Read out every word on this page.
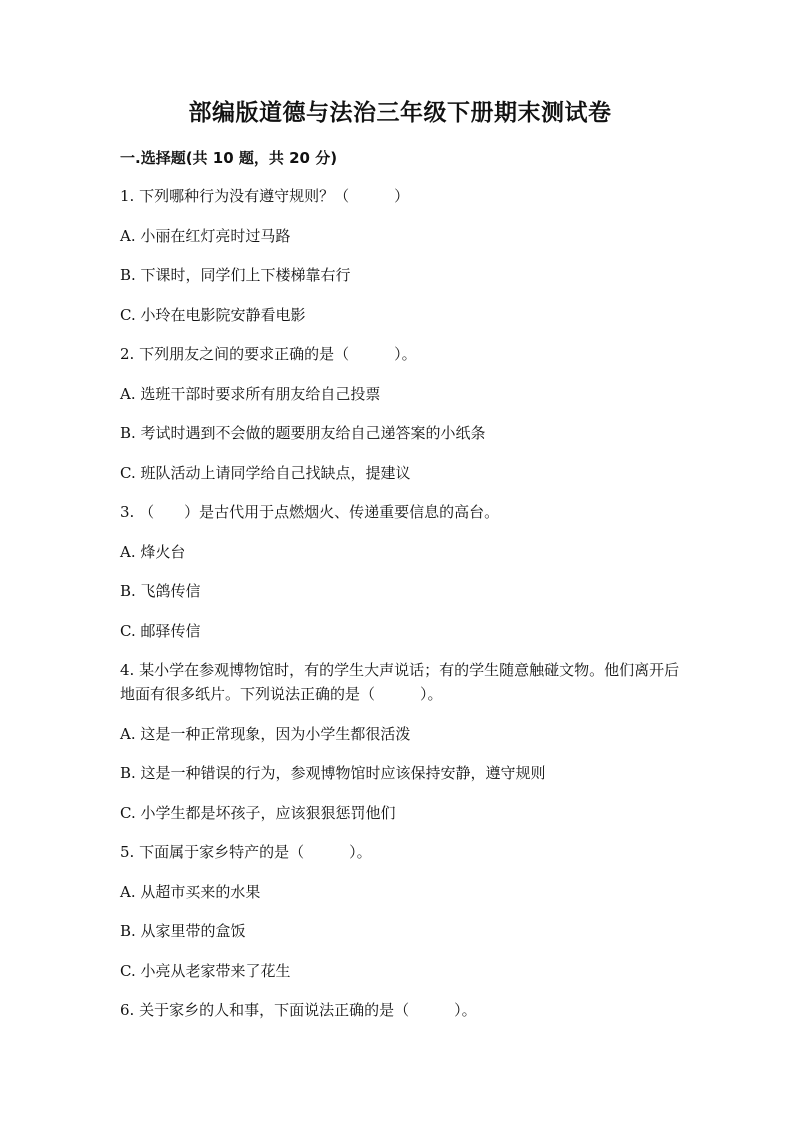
部编版道德与法治三年级下册期末测试卷
一.选择题(共 10 题，共 20 分)
1. 下列哪种行为没有遵守规则？（　　　）
A. 小丽在红灯亮时过马路
B. 下课时，同学们上下楼梯靠右行
C. 小玲在电影院安静看电影
2. 下列朋友之间的要求正确的是（　　　）。
A. 选班干部时要求所有朋友给自己投票
B. 考试时遇到不会做的题要朋友给自己递答案的小纸条
C. 班队活动上请同学给自己找缺点，提建议
3. （　　）是古代用于点燃烟火、传递重要信息的高台。
A. 烽火台
B. 飞鸽传信
C. 邮驿传信
4. 某小学在参观博物馆时，有的学生大声说话；有的学生随意触碰文物。他们离开后地面有很多纸片。下列说法正确的是（　　　）。
A. 这是一种正常现象，因为小学生都很活泼
B. 这是一种错误的行为，参观博物馆时应该保持安静，遵守规则
C. 小学生都是坏孩子，应该狠狠惩罚他们
5. 下面属于家乡特产的是（　　　）。
A. 从超市买来的水果
B. 从家里带的盒饭
C. 小亮从老家带来了花生
6. 关于家乡的人和事，下面说法正确的是（　　　）。
